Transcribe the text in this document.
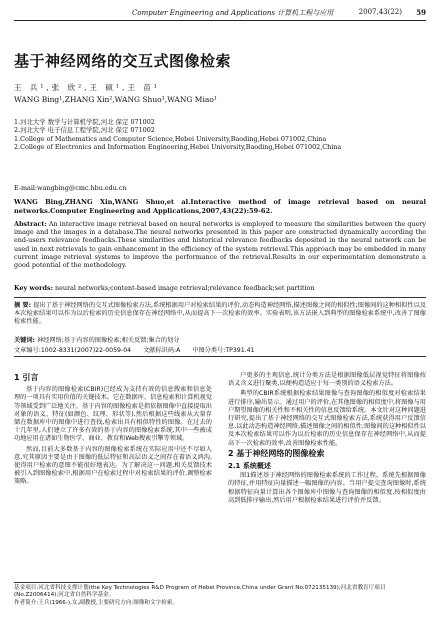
Computer Engineering and Applications 计算机工程与应用	2007,43(22) 59
基于神经网络的交互式图像检索
王 兵¹,张 欣²,王 硕¹,王 苗¹
WANG Bing¹,ZHANG Xin²,WANG Shuo¹,WANG Miao¹
1.河北大学 数学与计算机学院,河北 保定 071002
2.河北大学 电子信息工程学院,河北 保定 071002
1.College of Mathematics and Computer Science,Hebei University,Baoding,Hebei 071002,China
2.College of Electronics and Information Engineering,Hebei University,Baoding,Hebei 071002,China
E-mail:wangbing@cmc.hbu.edu.cn
WANG Bing,ZHANG Xin,WANG Shuo,et al.Interactive method of image retrieval based on neural networks.Computer Engineering and Applications,2007,43(22):59-62.
Abstract: An interactive image retrieval based on neural networks is employed to measure the similarities between the query image and the images in a database.The neural networks presented in this paper are constructed dynamically according the end-users relevance feedbacks.These similarities and historical relevance feedbacks deposited in the neural network can be used in next retrievals to gain enhancement in the efficiency of the system retrieval.This approach may be embedded in many current image retrieval systems to improve the performance of the retrieval.Results in our experimentation demonstrate a good potential of the methodology.
Key words: neural networks;content-based image retrieval;relevance feedback;set partition
摘 要: 提出了基于神经网络的交互式图像检索方法,系统根据用户对检索结果的评价,动态构造神经网络,描述图像之间的相似性;图像间的这种相似性以及本次检索结果可以作为以后检索的历史信息保存在神经网络中,从而提高下一次检索的效率。实验表明,该方法嵌入到典型的图像检索系统中,改善了图像检索性能。
关键词: 神经网络;基于内容的图像检索;相关反馈;集合的划分
文章编号:1002-8331(2007)22-0059-04 文献标识码:A 中图分类号:TP391.41
1 引言

基于内容的图像检索(CBIR)已经成为支持有效的信息搜索和信息处理的一项具有实用价值的关键技术。它在数据库、信息检索和计算机视觉等领域受到广泛地关注。基于内容的图像检索是指依据图像中直接提取出对象的语义、特征(如颜色、纹理、形状等),然后根据这些线索从大量存储在数据库中的图像中进行查找,检索出具有相似特性的图像。在过去的十几年里,人们建立了许多有效的基于内容的图像检索系统,其中一些被成功地应用在诸如生物医学、商业、教育和Web搜索引擎等领域。

然而,目前大多数基于内容的图像检索系统在实际应用中还不尽如人意,究其原因主要是由于图像的低层特征和高层语义之间存在着语义鸿沟,使得用户检索的意图不能很好地表达。为了解决这一问题,相关反馈技术被引入到图像检索中,根据用户在检索过程中对检索结果的评价,调整检索策略。

户更多的主观信息,统计分类方法是根据图像低层视觉特征将图像按语义含义进行聚类,以便构造适应于每一类别的语义检索方法。

典型的CBIR系统根据检索结果图像与查询图像的相似度对检索结果进行排序,输出显示。通过用户的评价,在其他图像的相似度中,将图像与用户期望图像的相关性和不相关性的信息反馈给系统。本文针对这种问题进行研究,提出了基于神经网络的交互式图像检索方法,系统获得用户反馈信息,以此动态构造神经网络,描述图像之间的相似性;图像间的这种相似性以及本次检索结果可以作为以后检索的历史信息保存在神经网络中,从而提高下一次检索的效率,改善图像检索性能。

2 基于神经网络的图像检索
2.1 系统概述

图1描述基于神经网络的图像检索系统的工作过程。系统先根据图像的特征,并用特征向量描述一幅图像的内容。当用户提交查询图像时,系统根据特征向量计算出各个图像库中图像与查询图像的相似度,按相似度由高到低排序输出,然后用户根据检索结果进行评价并反馈。

基金项目:河北省科技支撑计划(the Key Technologies R&D Program of Hebei Province,China under Grant No.072135139);河北省教育厅项目(No.Z2006414);河北省自然科学基金。
作者简介:王兵(1966-),女,副教授,主要研究方向:图像和文字检索。
